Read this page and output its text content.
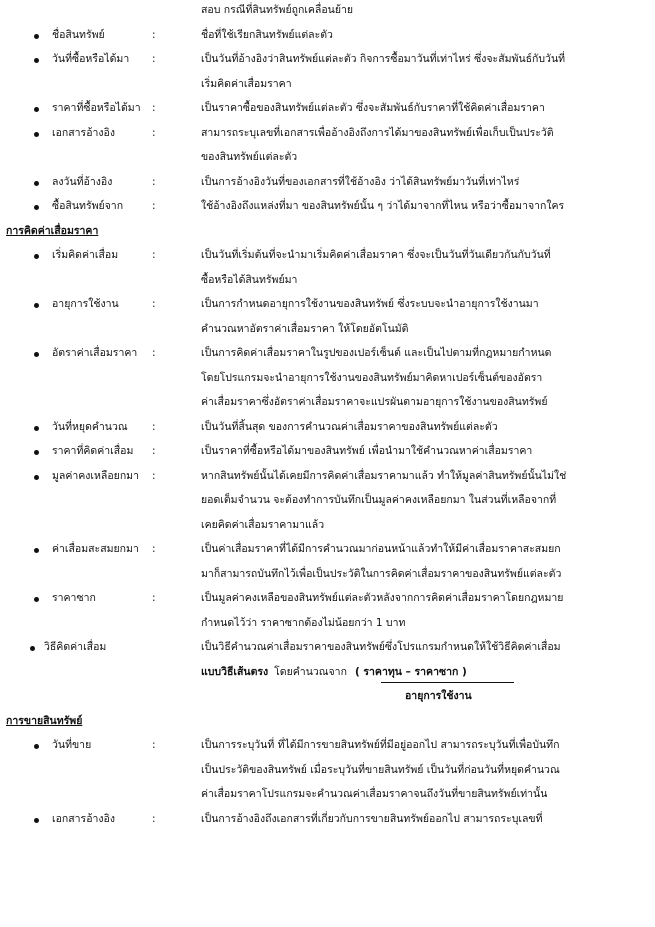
สอบ กรณีที่สินทรัพย์ถูกเคลื่อนย้าย
ชื่อสินทรัพย์	:	ชื่อที่ใช้เรียกสินทรัพย์แต่ละตัว
วันที่ซื้อหรือได้มา :	เป็นวันที่อ้างอิงว่าสินทรัพย์แต่ละตัว กิจการซื้อมาวันที่เท่าไหร่ ซึ่งจะสัมพันธ์กับวันที่
เริ่มคิดค่าเสื่อมราคา
ราคาที่ซื้อหรือได้มา :	เป็นราคาซื้อของสินทรัพย์แต่ละตัว ซึ่งจะสัมพันธ์กับราคาที่ใช้คิดค่าเสื่อมราคา
เอกสารอ้างอิง	:	สามารถระบุเลขที่เอกสารเพื่ออ้างอิงถึงการได้มาของสินทรัพย์เพื่อเก็บเป็นประวัติ
ของสินทรัพย์แต่ละตัว
ลงวันที่อ้างอิง	:	เป็นการอ้างอิงวันที่ของเอกสารที่ใช้อ้างอิง ว่าได้สินทรัพย์มาวันที่เท่าไหร่
ซื้อสินทรัพย์จาก	:	ใช้อ้างอิงถึงแหล่งที่มา ของสินทรัพย์นั้น ๆ ว่าได้มาจากที่ไหน หรือว่าซื้อมาจากใคร
การคิดค่าเสื่อมราคา
เริ่มคิดค่าเสื่อม	:	เป็นวันที่เริ่มต้นที่จะนำมาเริ่มคิดค่าเสื่อมราคา ซึ่งจะเป็นวันที่วันเดียวกันกับวันที่
ซื้อหรือได้สินทรัพย์มา
อายุการใช้งาน	:	เป็นการกำหนดอายุการใช้งานของสินทรัพย์ ซึ่งระบบจะนำอายุการใช้งานมา
คำนวณหาอัตราค่าเสื่อมราคา ให้โดยอัตโนมัติ
อัตราค่าเสื่อมราคา :	เป็นการคิดค่าเสื่อมราคาในรูปของเปอร์เซ็นต์ และเป็นไปตามที่กฎหมายกำหนด
โดยโปรแกรมจะนำอายุการใช้งานของสินทรัพย์มาคิดหาเปอร์เซ็นต์ของอัตรา
ค่าเสื่อมราคาซึ่งอัตราค่าเสื่อมราคาจะแปรผันตามอายุการใช้งานของสินทรัพย์
วันที่หยุดคำนวณ :	เป็นวันที่สิ้นสุด ของการคำนวณค่าเสื่อมราคาของสินทรัพย์แต่ละตัว
ราคาที่คิดค่าเสื่อม :	เป็นราคาที่ซื้อหรือได้มาของสินทรัพย์ เพื่อนำมาใช้คำนวณหาค่าเสื่อมราคา
มูลค่าคงเหลือยกมา :	หากสินทรัพย์นั้นได้เคยมีการคิดค่าเสื่อมราคามาแล้ว ทำให้มูลค่าสินทรัพย์นั้นไม่ใช่
ยอดเต็มจำนวน จะต้องทำการบันทึกเป็นมูลค่าคงเหลือยกมา ในส่วนที่เหลือจากที่
เคยคิดค่าเสื่อมราคามาแล้ว
ค่าเสื่อมสะสมยกมา :	เป็นค่าเสื่อมราคาที่ได้มีการคำนวณมาก่อนหน้าแล้วทำให้มีค่าเสื่อมราคาสะสมยก
มาก็สามารถบันทึกไว้เพื่อเป็นประวัติในการคิดค่าเสื่อมราคาของสินทรัพย์แต่ละตัว
ราคาซาก	:	เป็นมูลค่าคงเหลือของสินทรัพย์แต่ละตัวหลังจากการคิดค่าเสื่อมราคาโดยกฎหมาย
กำหนดไว้ว่า ราคาซากต้องไม่น้อยกว่า 1 บาท
วิธีคิดค่าเสื่อม	เป็นวิธีคำนวณค่าเสื่อมราคาของสินทรัพย์ซึ่งโปรแกรมกำหนดให้ใช้วิธีคิดค่าเสื่อม
แบบวิธีเส้นตรง โดยคำนวณจาก ( ราคาทุน – ราคาซาก )
อายุการใช้งาน
การขายสินทรัพย์
วันที่ขาย	:	เป็นการระบุวันที่ ที่ได้มีการขายสินทรัพย์ที่มีอยู่ออกไป สามารถระบุวันที่เพื่อบันทึก
เป็นประวัติของสินทรัพย์ เมื่อระบุวันที่ขายสินทรัพย์ เป็นวันที่ก่อนวันที่หยุดคำนวณ
ค่าเสื่อมราคาโปรแกรมจะคำนวณค่าเสื่อมราคาจนถึงวันที่ขายสินทรัพย์เท่านั้น
เอกสารอ้างอิง	:	เป็นการอ้างอิงถึงเอกสารที่เกี่ยวกับการขายสินทรัพย์ออกไป สามารถระบุเลขที่
